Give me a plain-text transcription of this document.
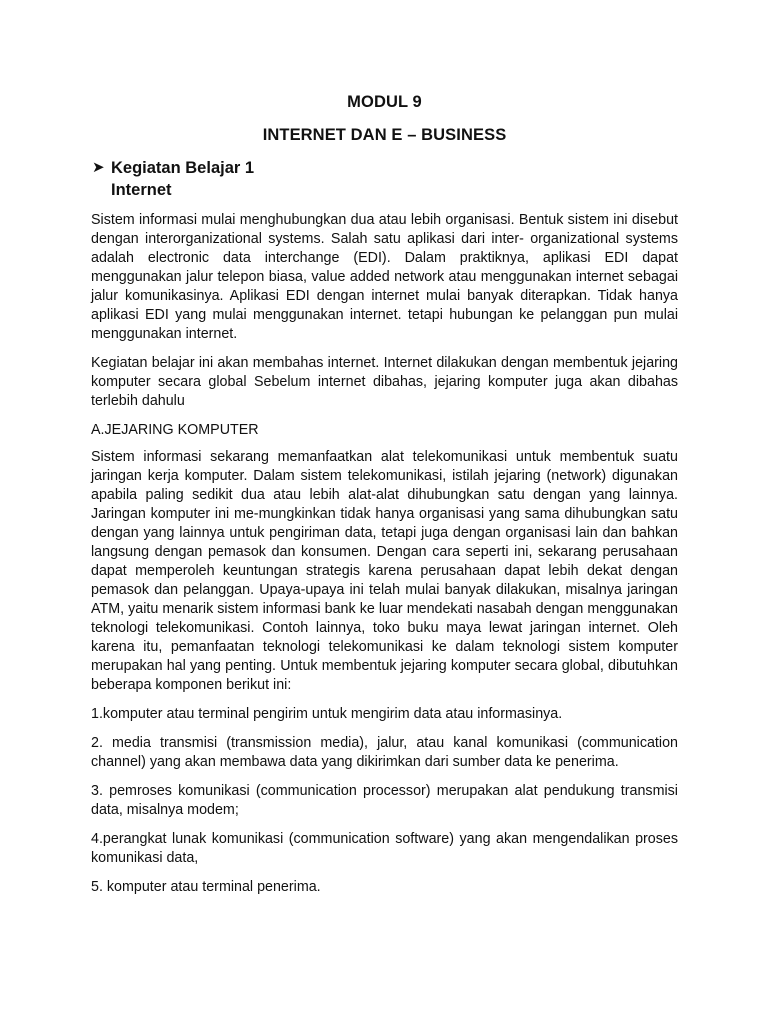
MODUL 9
INTERNET DAN E – BUSINESS
➤ Kegiatan Belajar 1
Internet

Sistem informasi mulai menghubungkan dua atau lebih organisasi. Bentuk sistem ini disebut dengan interorganizational systems. Salah satu aplikasi dari inter- organizational systems adalah electronic data interchange (EDI). Dalam praktiknya, aplikasi EDI dapat menggunakan jalur telepon biasa, value added network atau menggunakan internet sebagai jalur komunikasinya. Aplikasi EDI dengan internet mulai banyak diterapkan. Tidak hanya aplikasi EDI yang mulai menggunakan internet. tetapi hubungan ke pelanggan pun mulai menggunakan internet.

Kegiatan belajar ini akan membahas internet. Internet dilakukan dengan membentuk jejaring komputer secara global Sebelum internet dibahas, jejaring komputer juga akan dibahas terlebih dahulu

A.JEJARING KOMPUTER

Sistem informasi sekarang memanfaatkan alat telekomunikasi untuk membentuk suatu jaringan kerja komputer. Dalam sistem telekomunikasi, istilah jejaring (network) digunakan apabila paling sedikit dua atau lebih alat-alat dihubungkan satu dengan yang lainnya. Jaringan komputer ini me-mungkinkan tidak hanya organisasi yang sama dihubungkan satu dengan yang lainnya untuk pengiriman data, tetapi juga dengan organisasi lain dan bahkan langsung dengan pemasok dan konsumen. Dengan cara seperti ini, sekarang perusahaan dapat memperoleh keuntungan strategis karena perusahaan dapat lebih dekat dengan pemasok dan pelanggan. Upaya-upaya ini telah mulai banyak dilakukan, misalnya jaringan ATM, yaitu menarik sistem informasi bank ke luar mendekati nasabah dengan menggunakan teknologi telekomunikasi. Contoh lainnya, toko buku maya lewat jaringan internet. Oleh karena itu, pemanfaatan teknologi telekomunikasi ke dalam teknologi sistem komputer merupakan hal yang penting. Untuk membentuk jejaring komputer secara global, dibutuhkan beberapa komponen berikut ini:

1.komputer atau terminal pengirim untuk mengirim data atau informasinya.

2. media transmisi (transmission media), jalur, atau kanal komunikasi (communication channel) yang akan membawa data yang dikirimkan dari sumber data ke penerima.

3. pemroses komunikasi (communication processor) merupakan alat pendukung transmisi data, misalnya modem;

4.perangkat lunak komunikasi (communication software) yang akan mengendalikan proses komunikasi data,

5. komputer atau terminal penerima.
